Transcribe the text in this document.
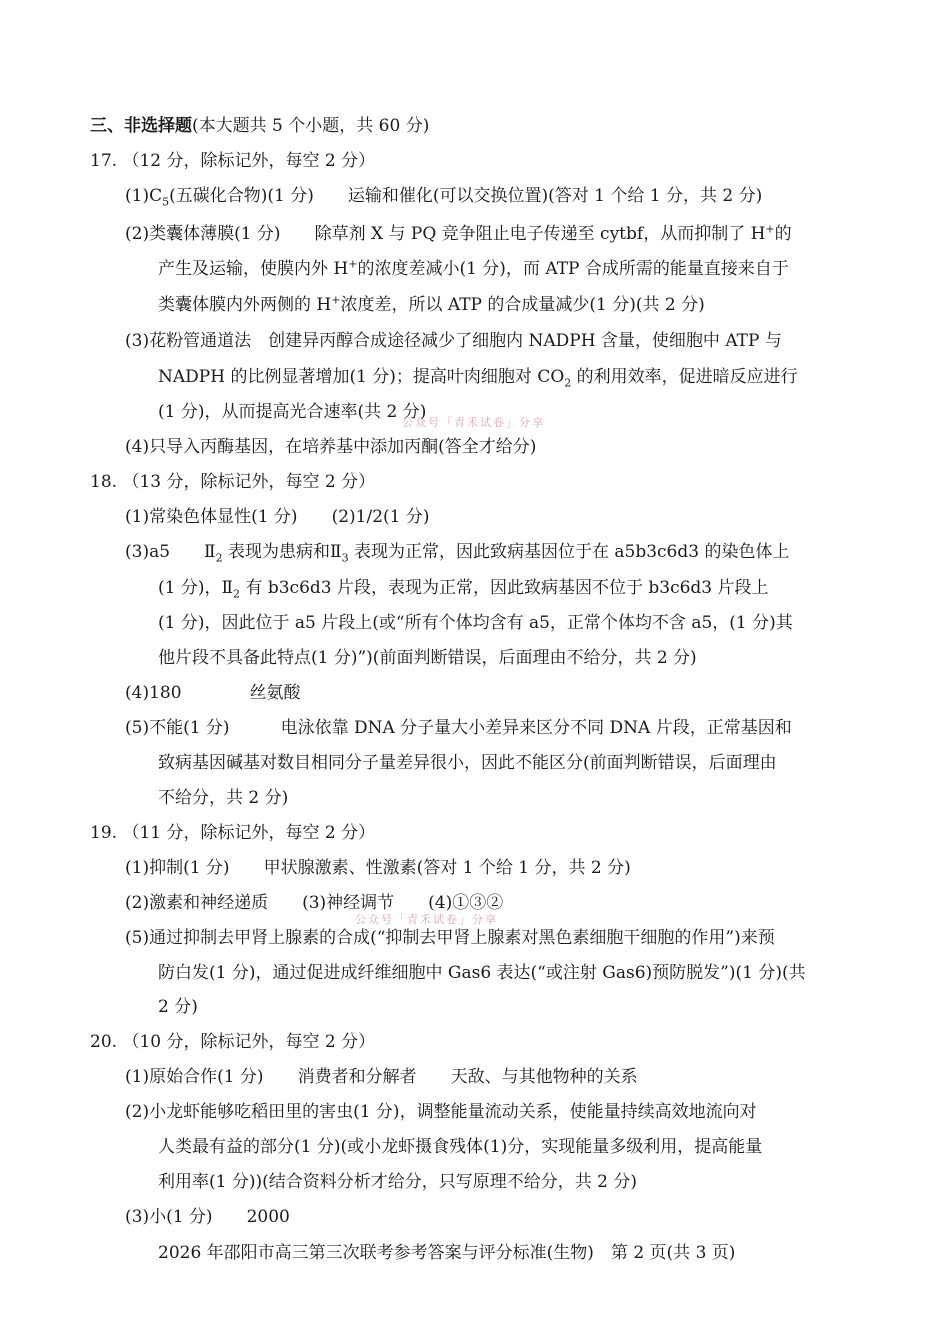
三、非选择题(本大题共 5 个小题，共 60 分)
17. （12 分，除标记外，每空 2 分）
$(1)C_5$(五碳化合物)(1 分)　　运输和催化(可以交换位置)(答对 1 个给 1 分，共 2 分)
(2)类囊体薄膜(1 分)　　除草剂 X 与 PQ 竞争阻止电子传递至 cytbf，从而抑制了 H+的
产生及运输，使膜内外 H+的浓度差减小(1 分)，而 ATP 合成所需的能量直接来自于
类囊体膜内外两侧的 H+浓度差，所以 ATP 的合成量减少(1 分)(共 2 分)
(3)花粉管通道法　创建异丙醇合成途径减少了细胞内 NADPH 含量，使细胞中 ATP 与
NADPH 的比例显著增加(1 分)；提高叶肉细胞对 $CO_2$ 的利用效率，促进暗反应进行
(1 分)，从而提高光合速率(共 2 分)
公众号「青禾试卷」分享
(4)只导入丙酶基因，在培养基中添加丙酮(答全才给分)
18. （13 分，除标记外，每空 2 分）
(1)常染色体显性(1 分)　　(2)1/2(1 分)
(3)a5　　$Ⅱ_2$ 表现为患病和$Ⅱ_3$ 表现为正常，因此致病基因位于在 a5b3c6d3 的染色体上
(1 分)，$Ⅱ_2$ 有 b3c6d3 片段，表现为正常，因此致病基因不位于 b3c6d3 片段上
(1 分)，因此位于 a5 片段上(或“所有个体均含有 a5，正常个体均不含 a5，(1 分)其
他片段不具备此特点(1 分)”)(前面判断错误，后面理由不给分，共 2 分)
(4)180　　　　丝氨酸
(5)不能(1 分)　　　电泳依靠 DNA 分子量大小差异来区分不同 DNA 片段，正常基因和
致病基因碱基对数目相同分子量差异很小，因此不能区分(前面判断错误，后面理由
不给分，共 2 分)
19. （11 分，除标记外，每空 2 分）
(1)抑制(1 分)　　甲状腺激素、性激素(答对 1 个给 1 分，共 2 分)
(2)激素和神经递质　　(3)神经调节　　(4)①③②
公众号「青禾试卷」分享
(5)通过抑制去甲肾上腺素的合成(“抑制去甲肾上腺素对黑色素细胞干细胞的作用”)来预
防白发(1 分)，通过促进成纤维细胞中 Gas6 表达(“或注射 Gas6)预防脱发”)(1 分)(共
2 分)
20. （10 分，除标记外，每空 2 分）
(1)原始合作(1 分)　　消费者和分解者　　天敌、与其他物种的关系
(2)小龙虾能够吃稻田里的害虫(1 分)，调整能量流动关系，使能量持续高效地流向对
人类最有益的部分(1 分)(或小龙虾摄食残体(1)分，实现能量多级利用，提高能量
利用率(1 分))(结合资料分析才给分，只写原理不给分，共 2 分)
(3)小(1 分)　　2000
2026 年邵阳市高三第三次联考参考答案与评分标准(生物)　第 2 页(共 3 页)
